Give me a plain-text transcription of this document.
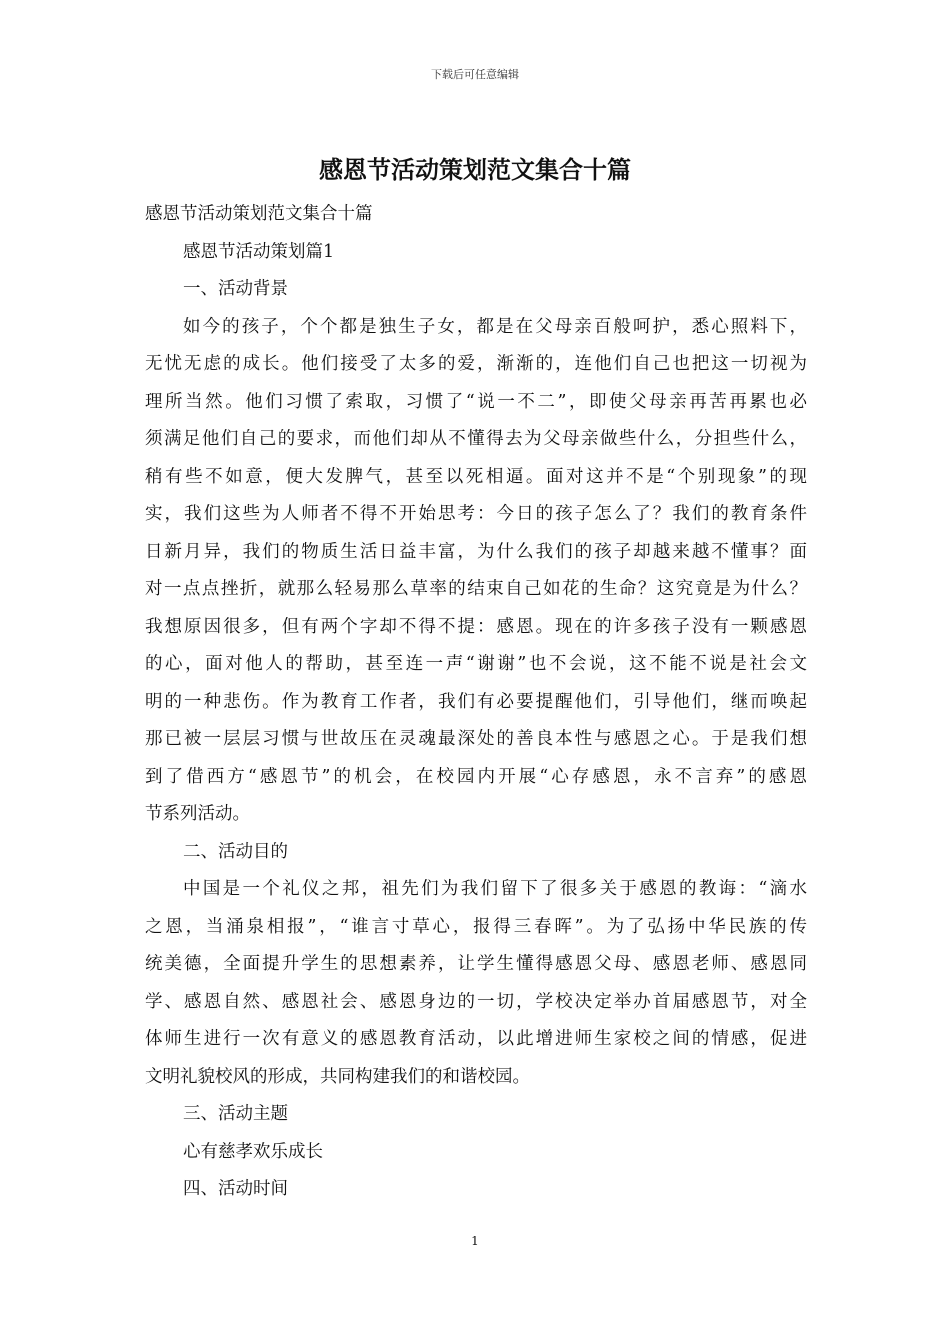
下载后可任意编辑
感恩节活动策划范文集合十篇

感恩节活动策划范文集合十篇

感恩节活动策划篇1

一、活动背景

如今的孩子，个个都是独生子女，都是在父母亲百般呵护，悉心照料下，

无忧无虑的成长。他们接受了太多的爱，渐渐的，连他们自己也把这一切视为

理所当然。他们习惯了索取，习惯了“说一不二”，即使父母亲再苦再累也必

须满足他们自己的要求，而他们却从不懂得去为父母亲做些什么，分担些什么，

稍有些不如意，便大发脾气，甚至以死相逼。面对这并不是“个别现象”的现

实，我们这些为人师者不得不开始思考：今日的孩子怎么了？我们的教育条件

日新月异，我们的物质生活日益丰富，为什么我们的孩子却越来越不懂事？面

对一点点挫折，就那么轻易那么草率的结束自己如花的生命？这究竟是为什么？

我想原因很多，但有两个字却不得不提：感恩。现在的许多孩子没有一颗感恩

的心，面对他人的帮助，甚至连一声“谢谢”也不会说，这不能不说是社会文

明的一种悲伤。作为教育工作者，我们有必要提醒他们，引导他们，继而唤起

那已被一层层习惯与世故压在灵魂最深处的善良本性与感恩之心。于是我们想

到了借西方“感恩节”的机会，在校园内开展“心存感恩，永不言弃”的感恩

节系列活动。

二、活动目的

中国是一个礼仪之邦，祖先们为我们留下了很多关于感恩的教诲：“滴水

之恩，当涌泉相报”，“谁言寸草心，报得三春晖”。为了弘扬中华民族的传

统美德，全面提升学生的思想素养，让学生懂得感恩父母、感恩老师、感恩同

学、感恩自然、感恩社会、感恩身边的一切，学校决定举办首届感恩节，对全

体师生进行一次有意义的感恩教育活动，以此增进师生家校之间的情感，促进

文明礼貌校风的形成，共同构建我们的和谐校园。

三、活动主题

心有慈孝欢乐成长

四、活动时间

1
